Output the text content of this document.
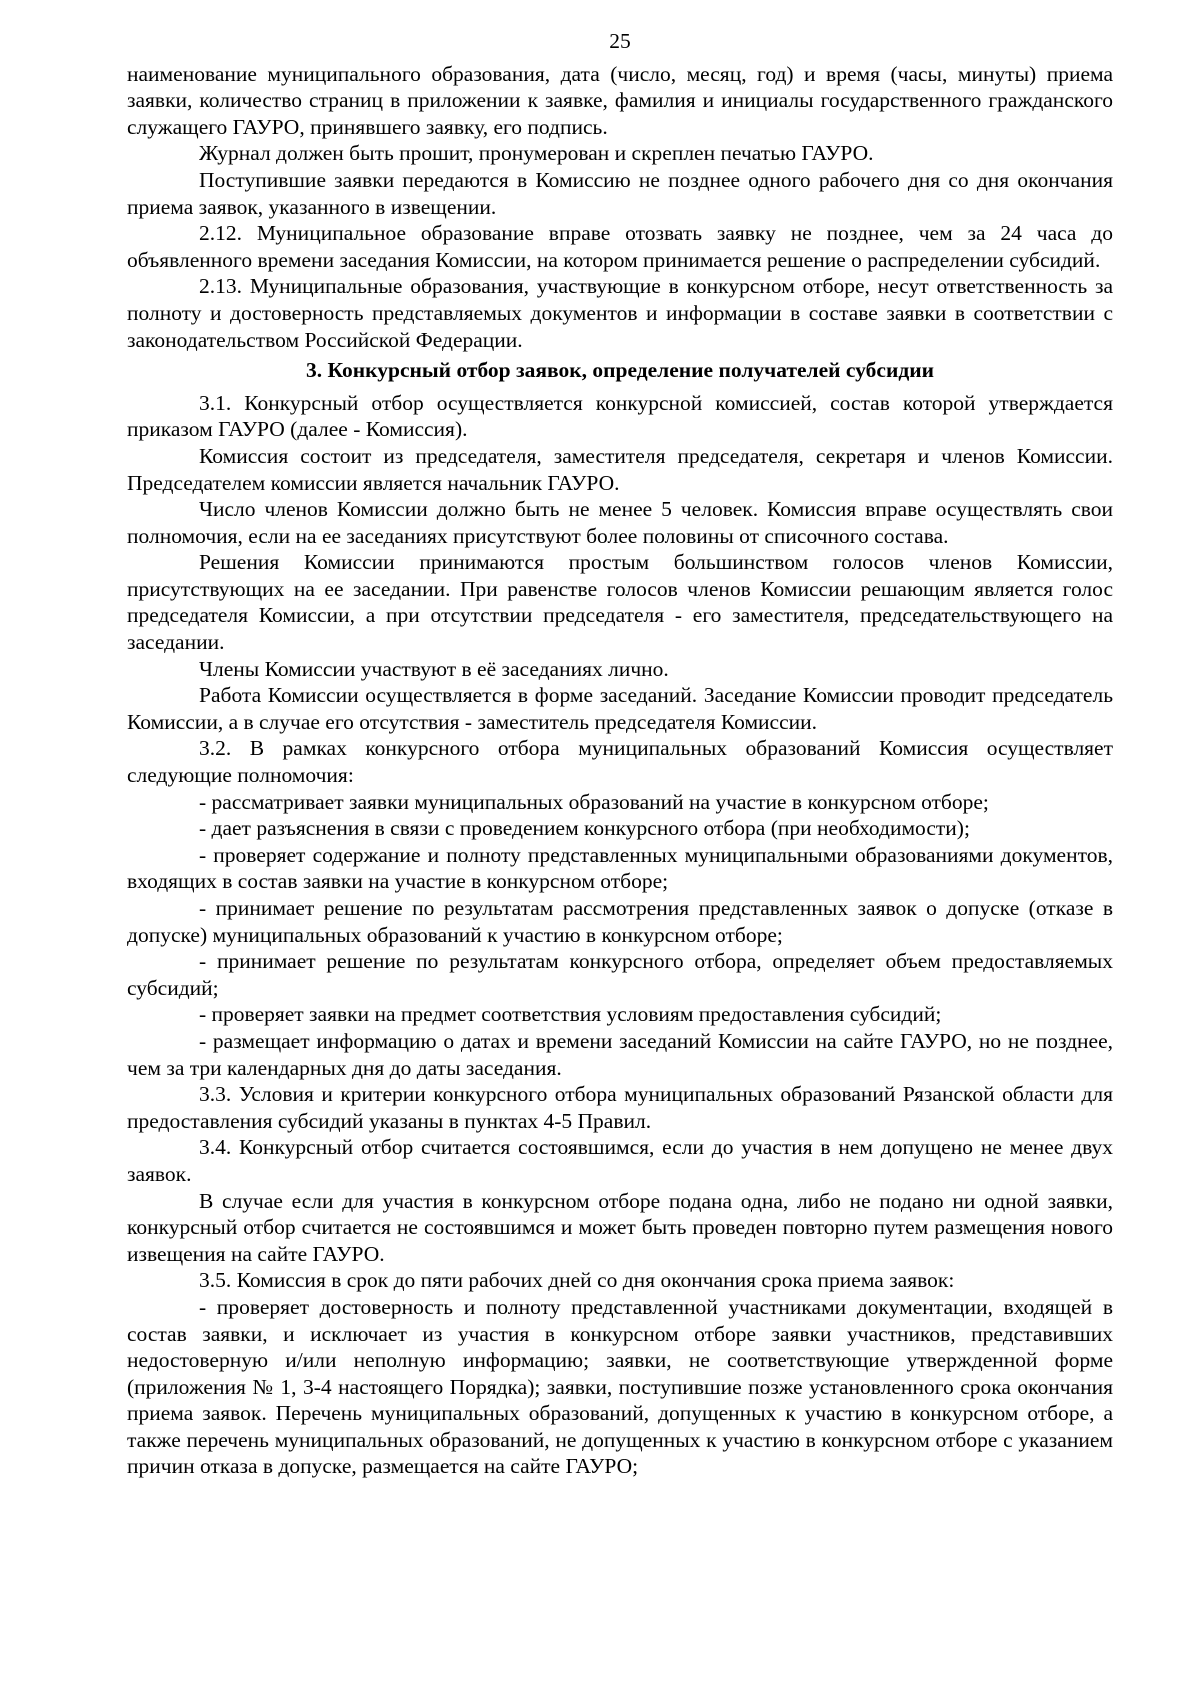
25

наименование муниципального образования, дата (число, месяц, год) и время (часы, минуты) приема заявки, количество страниц в приложении к заявке, фамилия и инициалы государственного гражданского служащего ГАУРО, принявшего заявку, его подпись.

Журнал должен быть прошит, пронумерован и скреплен печатью ГАУРО.

Поступившие заявки передаются в Комиссию не позднее одного рабочего дня со дня окончания приема заявок, указанного в извещении.

2.12. Муниципальное образование вправе отозвать заявку не позднее, чем за 24 часа до объявленного времени заседания Комиссии, на котором принимается решение о распределении субсидий.

2.13. Муниципальные образования, участвующие в конкурсном отборе, несут ответственность за полноту и достоверность представляемых документов и информации в составе заявки в соответствии с законодательством Российской Федерации.

3. Конкурсный отбор заявок, определение получателей субсидии

3.1. Конкурсный отбор осуществляется конкурсной комиссией, состав которой утверждается приказом ГАУРО (далее - Комиссия).

Комиссия состоит из председателя, заместителя председателя, секретаря и членов Комиссии. Председателем комиссии является начальник ГАУРО.

Число членов Комиссии должно быть не менее 5 человек. Комиссия вправе осуществлять свои полномочия, если на ее заседаниях присутствуют более половины от списочного состава.

Решения Комиссии принимаются простым большинством голосов членов Комиссии, присутствующих на ее заседании. При равенстве голосов членов Комиссии решающим является голос председателя Комиссии, а при отсутствии председателя - его заместителя, председательствующего на заседании.

Члены Комиссии участвуют в её заседаниях лично.

Работа Комиссии осуществляется в форме заседаний. Заседание Комиссии проводит председатель Комиссии, а в случае его отсутствия - заместитель председателя Комиссии.

3.2. В рамках конкурсного отбора муниципальных образований Комиссия осуществляет следующие полномочия:

- рассматривает заявки муниципальных образований на участие в конкурсном отборе;

- дает разъяснения в связи с проведением конкурсного отбора (при необходимости);

- проверяет содержание и полноту представленных муниципальными образованиями документов, входящих в состав заявки на участие в конкурсном отборе;

- принимает решение по результатам рассмотрения представленных заявок о допуске (отказе в допуске) муниципальных образований к участию в конкурсном отборе;

- принимает решение по результатам конкурсного отбора, определяет объем предоставляемых субсидий;

- проверяет заявки на предмет соответствия условиям предоставления субсидий;

- размещает информацию о датах и времени заседаний Комиссии на сайте ГАУРО, но не позднее, чем за три календарных дня до даты заседания.

3.3. Условия и критерии конкурсного отбора муниципальных образований Рязанской области для предоставления субсидий указаны в пунктах 4-5 Правил.

3.4. Конкурсный отбор считается состоявшимся, если до участия в нем допущено не менее двух заявок.

В случае если для участия в конкурсном отборе подана одна, либо не подано ни одной заявки, конкурсный отбор считается не состоявшимся и может быть проведен повторно путем размещения нового извещения на сайте ГАУРО.

3.5. Комиссия в срок до пяти рабочих дней со дня окончания срока приема заявок:

- проверяет достоверность и полноту представленной участниками документации, входящей в состав заявки, и исключает из участия в конкурсном отборе заявки участников, представивших недостоверную и/или неполную информацию; заявки, не соответствующие утвержденной форме (приложения № 1, 3-4 настоящего Порядка); заявки, поступившие позже установленного срока окончания приема заявок. Перечень муниципальных образований, допущенных к участию в конкурсном отборе, а также перечень муниципальных образований, не допущенных к участию в конкурсном отборе с указанием причин отказа в допуске, размещается на сайте ГАУРО;
